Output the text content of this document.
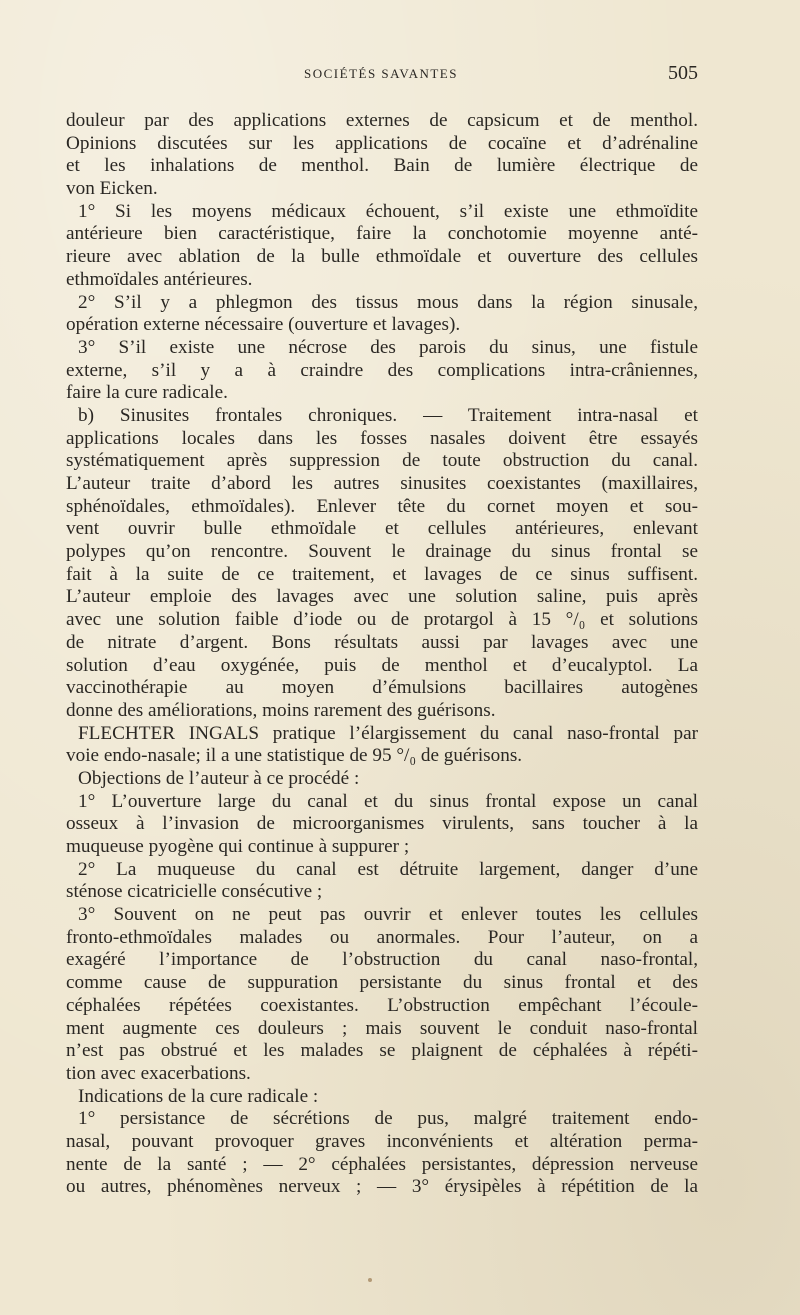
SOCIÉTÉS SAVANTES	505
douleur par des applications externes de capsicum et de menthol.
Opinions discutées sur les applications de cocaïne et d’adrénaline
et les inhalations de menthol. Bain de lumière électrique de
von Eicken.
1° Si les moyens médicaux échouent, s’il existe une ethmoïdite
antérieure bien caractéristique, faire la conchotomie moyenne anté-
rieure avec ablation de la bulle ethmoïdale et ouverture des cellules
ethmoïdales antérieures.
2° S’il y a phlegmon des tissus mous dans la région sinusale,
opération externe nécessaire (ouverture et lavages).
3° S’il existe une nécrose des parois du sinus, une fistule
externe, s’il y a à craindre des complications intra-crâniennes,
faire la cure radicale.
b) Sinusites frontales chroniques. — Traitement intra-nasal et
applications locales dans les fosses nasales doivent être essayés
systématiquement après suppression de toute obstruction du canal.
L’auteur traite d’abord les autres sinusites coexistantes (maxillaires,
sphénoïdales, ethmoïdales). Enlever tête du cornet moyen et sou-
vent ouvrir bulle ethmoïdale et cellules antérieures, enlevant
polypes qu’on rencontre. Souvent le drainage du sinus frontal se
fait à la suite de ce traitement, et lavages de ce sinus suffisent.
L’auteur emploie des lavages avec une solution saline, puis après
avec une solution faible d’iode ou de protargol à 15 °/₀ et solutions
de nitrate d’argent. Bons résultats aussi par lavages avec une
solution d’eau oxygénée, puis de menthol et d’eucalyptol. La
vaccinothérapie au moyen d’émulsions bacillaires autogènes
donne des améliorations, moins rarement des guérisons.
FLECHTER INGALS pratique l’élargissement du canal naso-frontal par
voie endo-nasale; il a une statistique de 95 °/₀ de guérisons.
Objections de l’auteur à ce procédé :
1° L’ouverture large du canal et du sinus frontal expose un canal
osseux à l’invasion de microorganismes virulents, sans toucher à la
muqueuse pyogène qui continue à suppurer ;
2° La muqueuse du canal est détruite largement, danger d’une
sténose cicatricielle consécutive ;
3° Souvent on ne peut pas ouvrir et enlever toutes les cellules
fronto-ethmoïdales malades ou anormales. Pour l’auteur, on a
exagéré l’importance de l’obstruction du canal naso-frontal,
comme cause de suppuration persistante du sinus frontal et des
céphalées répétées coexistantes. L’obstruction empêchant l’écoule-
ment augmente ces douleurs ; mais souvent le conduit naso-frontal
n’est pas obstrué et les malades se plaignent de céphalées à répéti-
tion avec exacerbations.
Indications de la cure radicale :
1° persistance de sécrétions de pus, malgré traitement endo-
nasal, pouvant provoquer graves inconvénients et altération perma-
nente de la santé ; — 2° céphalées persistantes, dépression nerveuse
ou autres, phénomènes nerveux ; — 3° érysipèles à répétition de la
